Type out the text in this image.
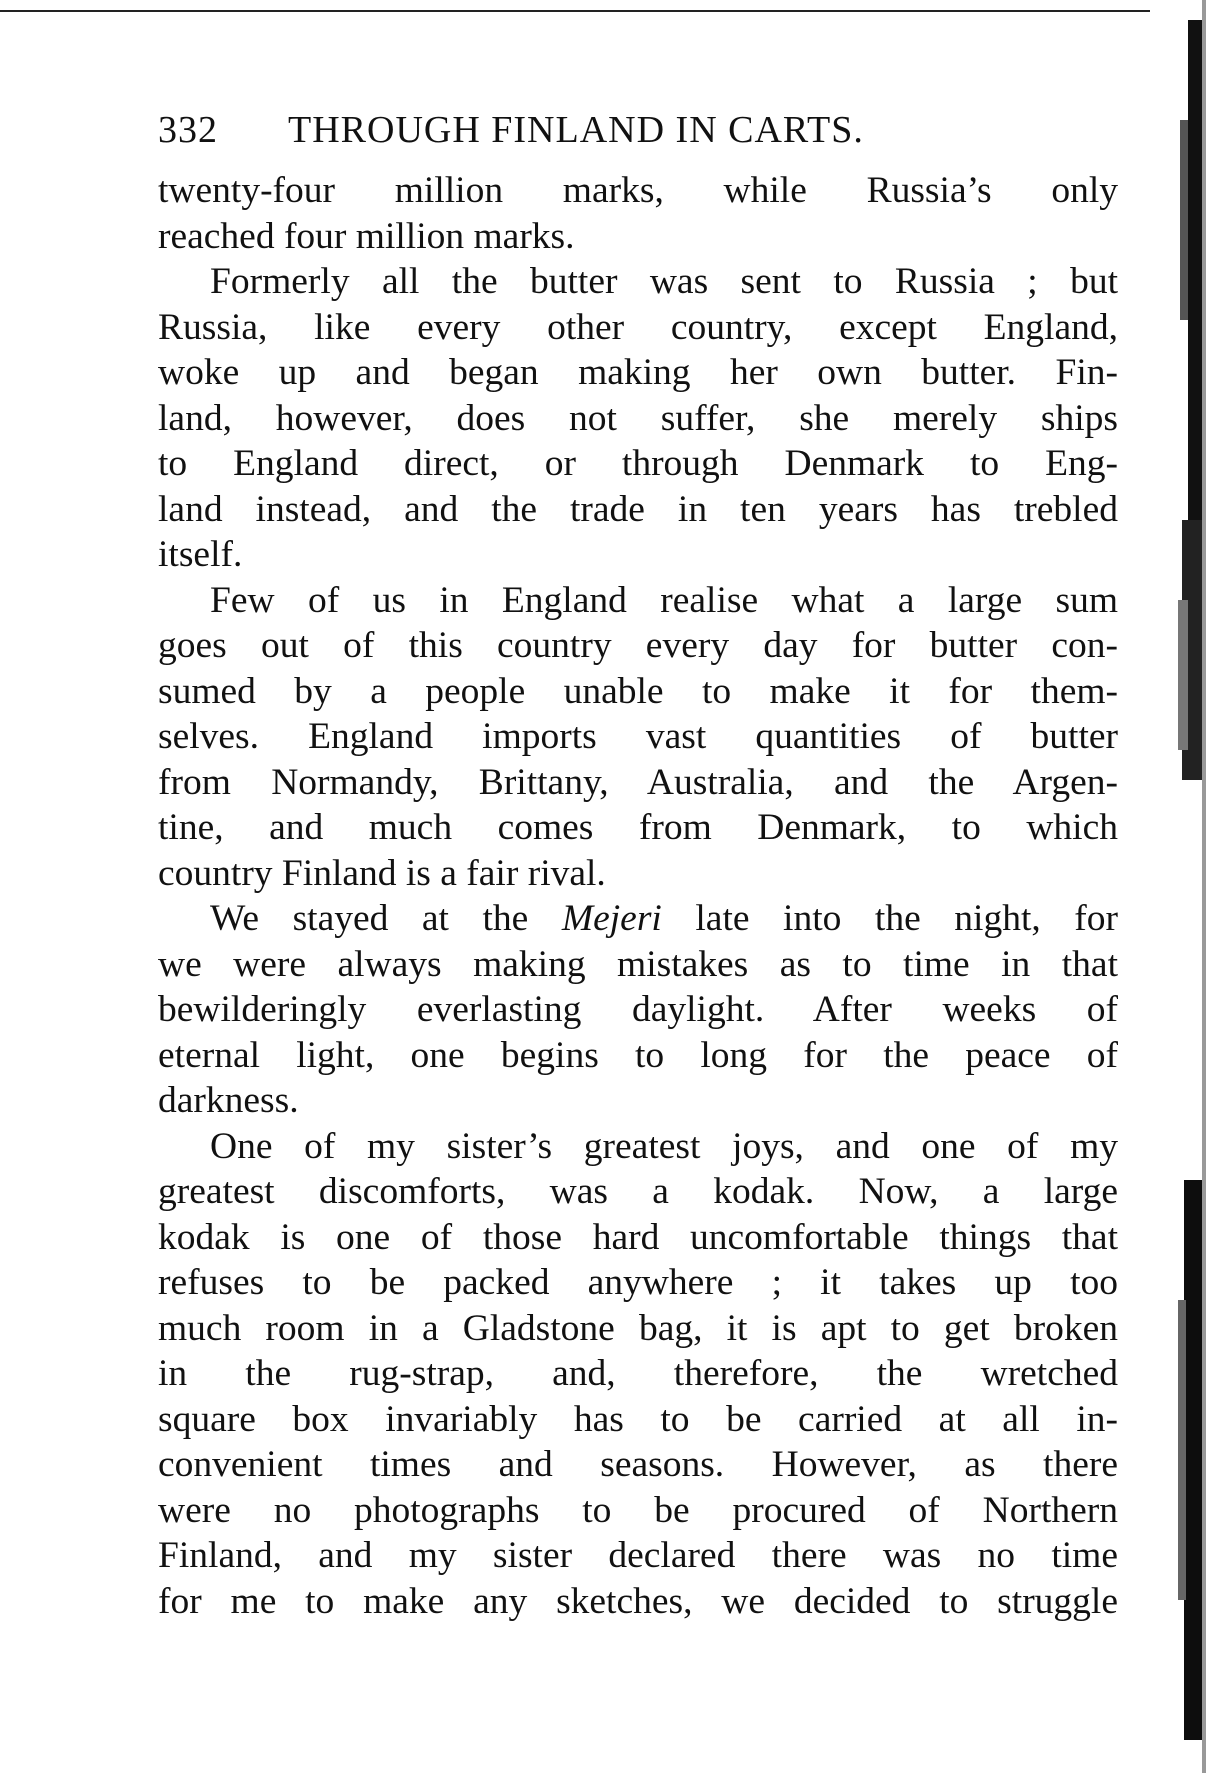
332	THROUGH FINLAND IN CARTS.
twenty-four million marks, while Russia’s only
reached four million marks.
Formerly all the butter was sent to Russia ; but
Russia, like every other country, except England,
woke up and began making her own butter. Fin-
land, however, does not suffer, she merely ships
to England direct, or through Denmark to Eng-
land instead, and the trade in ten years has trebled
itself.
Few of us in England realise what a large sum
goes out of this country every day for butter con-
sumed by a people unable to make it for them-
selves. England imports vast quantities of butter
from Normandy, Brittany, Australia, and the Argen-
tine, and much comes from Denmark, to which
country Finland is a fair rival.
We stayed at the Mejeri late into the night, for
we were always making mistakes as to time in that
bewilderingly everlasting daylight. After weeks of
eternal light, one begins to long for the peace of
darkness.
One of my sister’s greatest joys, and one of my
greatest discomforts, was a kodak. Now, a large
kodak is one of those hard uncomfortable things that
refuses to be packed anywhere ; it takes up too
much room in a Gladstone bag, it is apt to get broken
in the rug-strap, and, therefore, the wretched
square box invariably has to be carried at all in-
convenient times and seasons. However, as there
were no photographs to be procured of Northern
Finland, and my sister declared there was no time
for me to make any sketches, we decided to struggle
